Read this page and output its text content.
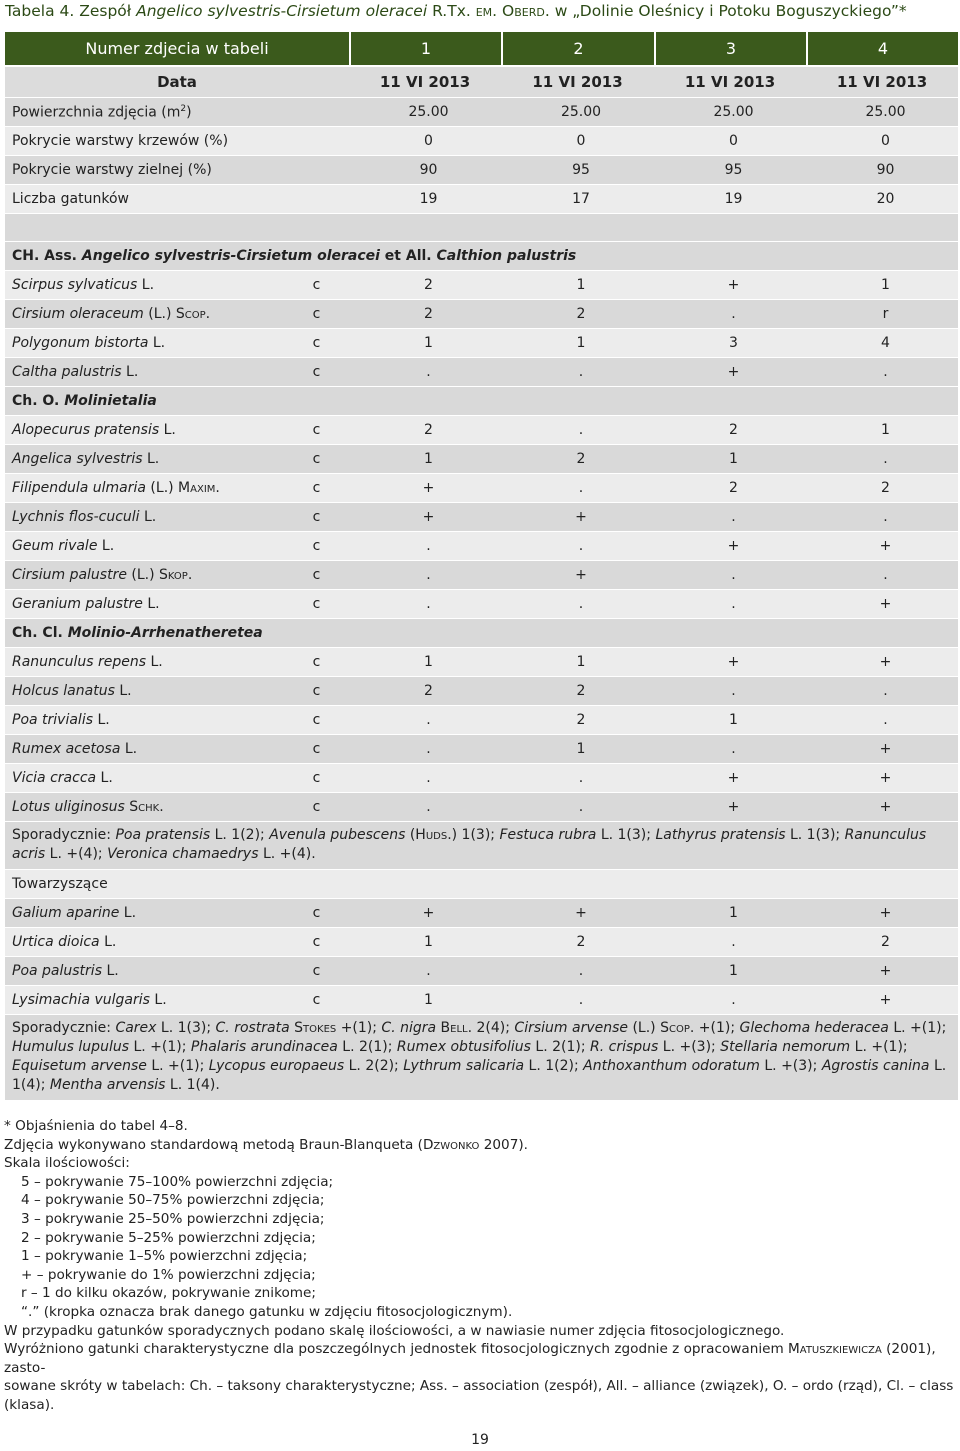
Tabela 4. Zespół Angelico sylvestris-Cirsietum oleracei R.Tx. em. Oberd. w „Dolinie Oleśnicy i Potoku Boguszyckiego”*
Numer zdjecia w tabeli		1	2	3	4
Data		11 VI 2013	11 VI 2013	11 VI 2013	11 VI 2013
Powierzchnia zdjęcia $(m^2)$		25.00	25.00	25.00	25.00
Pokrycie warstwy krzewów (%)		0	0	0	0
Pokrycie warstwy zielnej (%)		90	95	95	90
Liczba gatunków		19	17	19	20

CH. Ass. Angelico sylvestris-Cirsietum oleracei et All. Calthion palustris					
Scirpus sylvaticus L.	c	2	1	+	1
Cirsium oleraceum (L.) Scop.	c	2	2	.	r
Polygonum bistorta L.	c	1	1	3	4
Caltha palustris L.	c	.	.	+	.
Ch. O. Molinietalia					
Alopecurus pratensis L.	c	2	.	2	1
Angelica sylvestris L.	c	1	2	1	.
Filipendula ulmaria (L.) Maxim.	c	+	.	2	2
Lychnis flos-cuculi L.	c	+	+	.	.
Geum rivale L.	c	.	.	+	+
Cirsium palustre (L.) Skop.	c	.	+	.	.
Geranium palustre L.	c	.	.	.	+
Ch. Cl. Molinio-Arrhenatheretea					
Ranunculus repens L.	c	1	1	+	+
Holcus lanatus L.	c	2	2	.	.
Poa trivialis L.	c	.	2	1	.
Rumex acetosa L.	c	.	1	.	+
Vicia cracca L.	c	.	.	+	+
Lotus uliginosus Schk.	c	.	.	+	+
Sporadycznie: Poa pratensis L. 1(2); Avenula pubescens (Huds.) 1(3); Festuca rubra L. 1(3); Lathyrus pratensis L. 1(3); Ranunculus acris L. +(4); Veronica chamaedrys L. +(4).					
Towarzyszące					
Galium aparine L.	c	+	+	1	+
Urtica dioica L.	c	1	2	.	2
Poa palustris L.	c	.	.	1	+
Lysimachia vulgaris L.	c	1	.	.	+
Sporadycznie: Carex L. 1(3); C. rostrata Stokes +(1); C. nigra Bell. 2(4); Cirsium arvense (L.) Scop. +(1); Glechoma hederacea L. +(1); Humulus lupulus L. +(1); Phalaris arundinacea L. 2(1); Rumex obtusifolius L. 2(1); R. crispus L. +(3); Stellaria nemorum L. +(1); Equisetum arvense L. +(1); Lycopus europaeus L. 2(2); Lythrum salicaria L. 1(2); Anthoxanthum odoratum L. +(3); Agrostis canina L. 1(4); Mentha arvensis L. 1(4).					
* Objaśnienia do tabel 4–8.
Zdjęcia wykonywano standardową metodą Braun-Blanqueta (Dzwonko 2007).
Skala ilościowości:
5 – pokrywanie 75–100% powierzchni zdjęcia;
4 – pokrywanie 50–75% powierzchni zdjęcia;
3 – pokrywanie 25–50% powierzchni zdjęcia;
2 – pokrywanie 5–25% powierzchni zdjęcia;
1 – pokrywanie 1–5% powierzchni zdjęcia;
+ – pokrywanie do 1% powierzchni zdjęcia;
r – 1 do kilku okazów, pokrywanie znikome;
“.” (kropka oznacza brak danego gatunku w zdjęciu fitosocjologicznym).
W przypadku gatunków sporadycznych podano skalę ilościowości, a w nawiasie numer zdjęcia fitosocjologicznego.
Wyróżniono gatunki charakterystyczne dla poszczególnych jednostek fitosocjologicznych zgodnie z opracowaniem Matuszkiewicza (2001), zasto-
sowane skróty w tabelach: Ch. – taksony charakterystyczne; Ass. – association (zespół), All. – alliance (związek), O. – ordo (rząd), Cl. – class (klasa).
19
